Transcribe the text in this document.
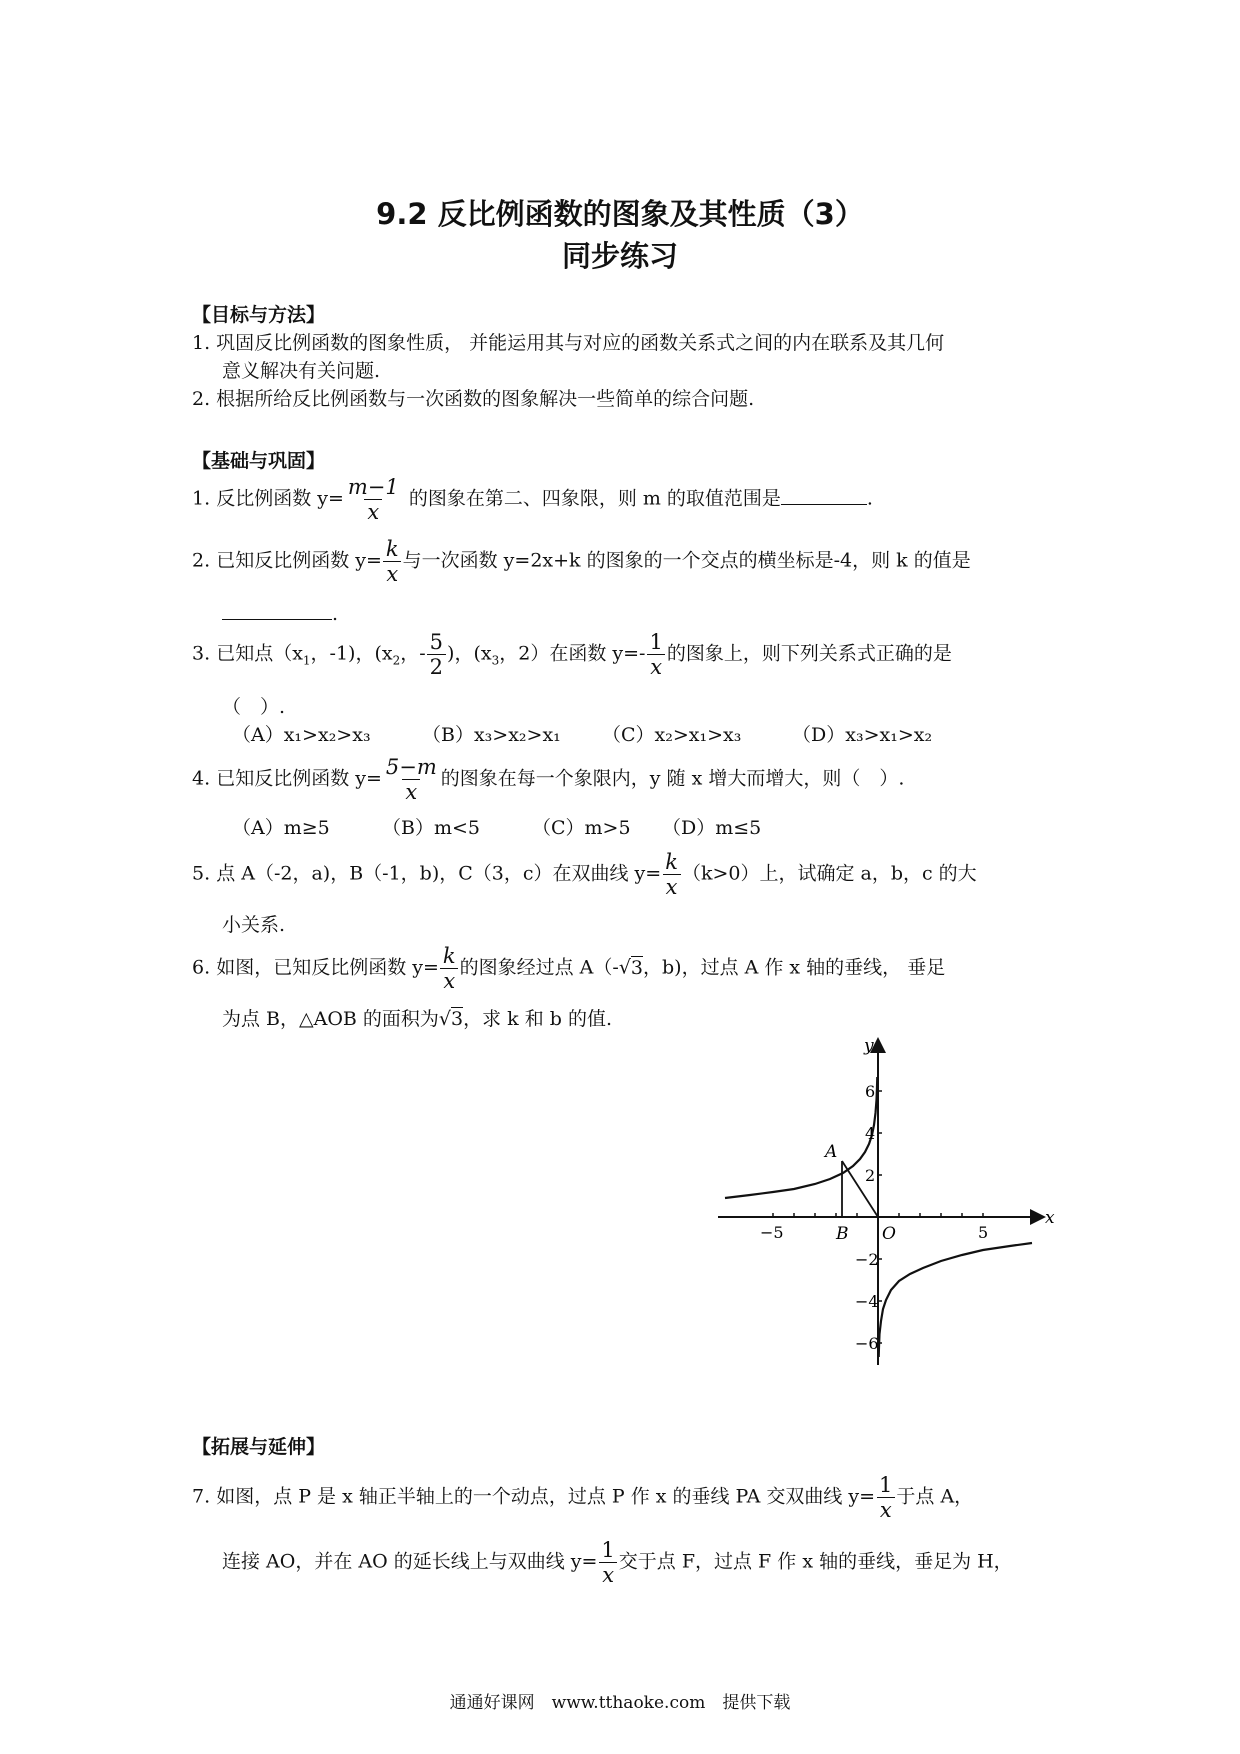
9.2 反比例函数的图象及其性质（3）
同步练习
【目标与方法】
1. 巩固反比例函数的图象性质， 并能运用其与对应的函数关系式之间的内在联系及其几何
意义解决有关问题.
2. 根据所给反比例函数与一次函数的图象解决一些简单的综合问题.
【基础与巩固】
1. 反比例函数 $y= \frac{m-1}{x}$ 的图象在第二、四象限，则 m 的取值范围是	.
2. 已知反比例函数 $y= \frac{k}{x}$ 与一次函数 y=2x+k 的图象的一个交点的横坐标是-4，则 k 的值是
.
3. 已知点（$x_1$，-1)，($x_2$，- $\frac{5}{2}$ )，($x_3$，2）在函数 $y=- \frac{1}{x}$ 的图象上，则下列关系式正确的是
（　）.
（A）x₁>x₂>x₃	（B）x₃>x₂>x₁ （C）x₂>x₁>x₃	（D）x₃>x₁>x₂
4. 已知反比例函数 $y= \frac{5-m}{x}$ 的图象在每一个象限内，y 随 x 增大而增大，则（　）.
（A）m≥5	（B）m<5	（C）m>5 （D）m≤5
5. 点 A（-2，a)，B（-1，b)，C（3，c）在双曲线 $y= \frac{k}{x} (k>0)$上，试确定 a，b，c 的大
小关系.
6. 如图，已知反比例函数 $y= \frac{k}{x}$ 的图象经过点 A（-√3，b)，过点 A 作 x 轴的垂线， 垂足
为点 B，△AOB 的面积为√3，求 k 和 b 的值.
x
y
A
B O
−5	5
6
4
2
−2
−4
−6
【拓展与延伸】
7. 如图，点 P 是 x 轴正半轴上的一个动点，过点 P 作 x 的垂线 PA 交双曲线 $y= \frac{1}{x}$ 于点 A，
连接 AO，并在 AO 的延长线上与双曲线 $y= \frac{1}{x}$ 交于点 F，过点 F 作 x 轴的垂线，垂足为 H，
通通好课网　www.tthaoke.com　提供下载
